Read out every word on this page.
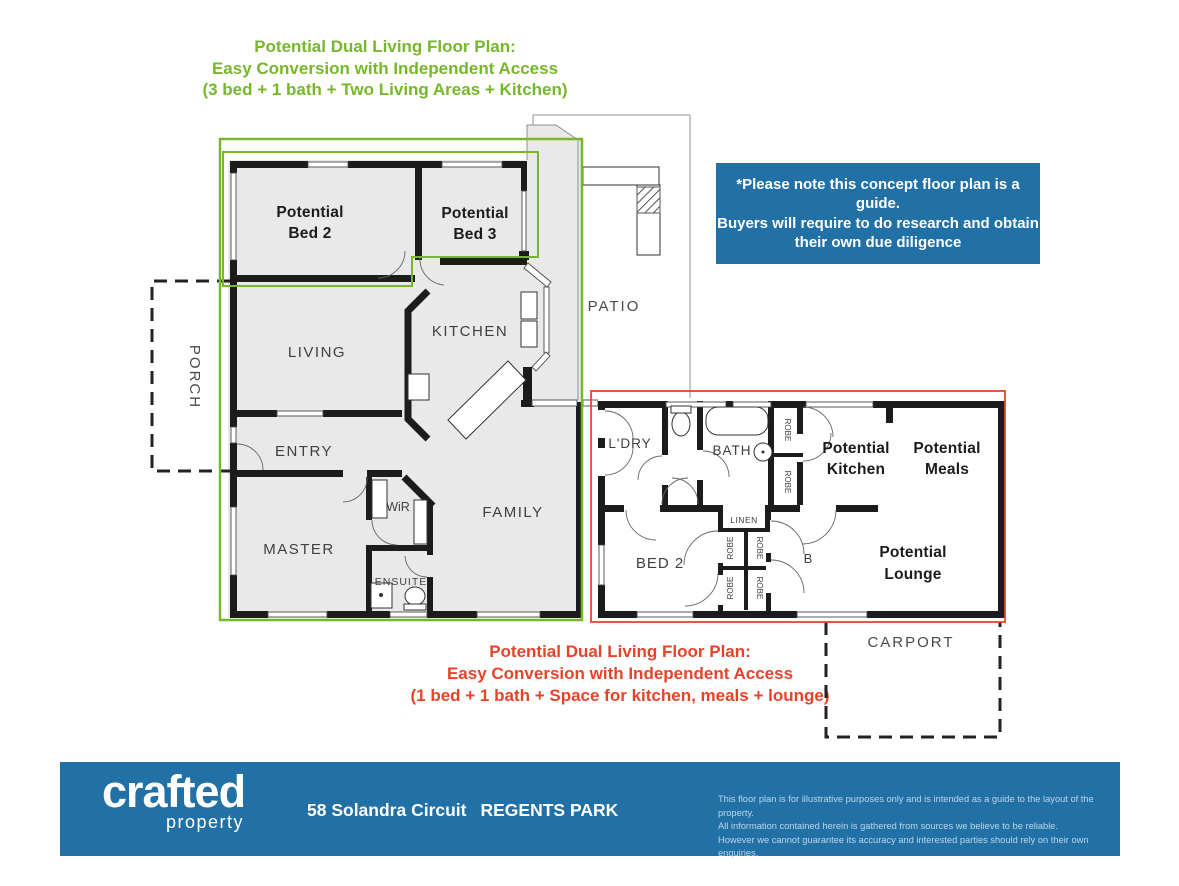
Potential Dual Living Floor Plan:
Easy Conversion with Independent Access
(3 bed + 1 bath + Two Living Areas + Kitchen)
*Please note this concept floor plan is a guide.
Buyers will require to do research and obtain
their own due diligence
Potential Dual Living Floor Plan:
Easy Conversion with Independent Access
(1 bed + 1 bath + Space for kitchen, meals + lounge)
Potential
Bed 2
Potential
Bed 3
LIVING
KITCHEN
ENTRY
MASTER
WiR
ENSUITE
FAMILY
PORCH
PATIO
CARPORT
L'DRY	BATH
ROBE
ROBE
LINEN
ROBE	ROBE
ROBE	ROBE
BED 2	B
Potential
Kitchen
Potential
Meals
Potential
Lounge
crafted
property
58 Solandra Circuit REGENTS PARK
This floor plan is for illustrative purposes only and is intended as a guide to the layout of the property.
All information contained herein is gathered from sources we believe to be reliable.
However we cannot guarantee its accuracy and interested parties should rely on their own enquiries.
